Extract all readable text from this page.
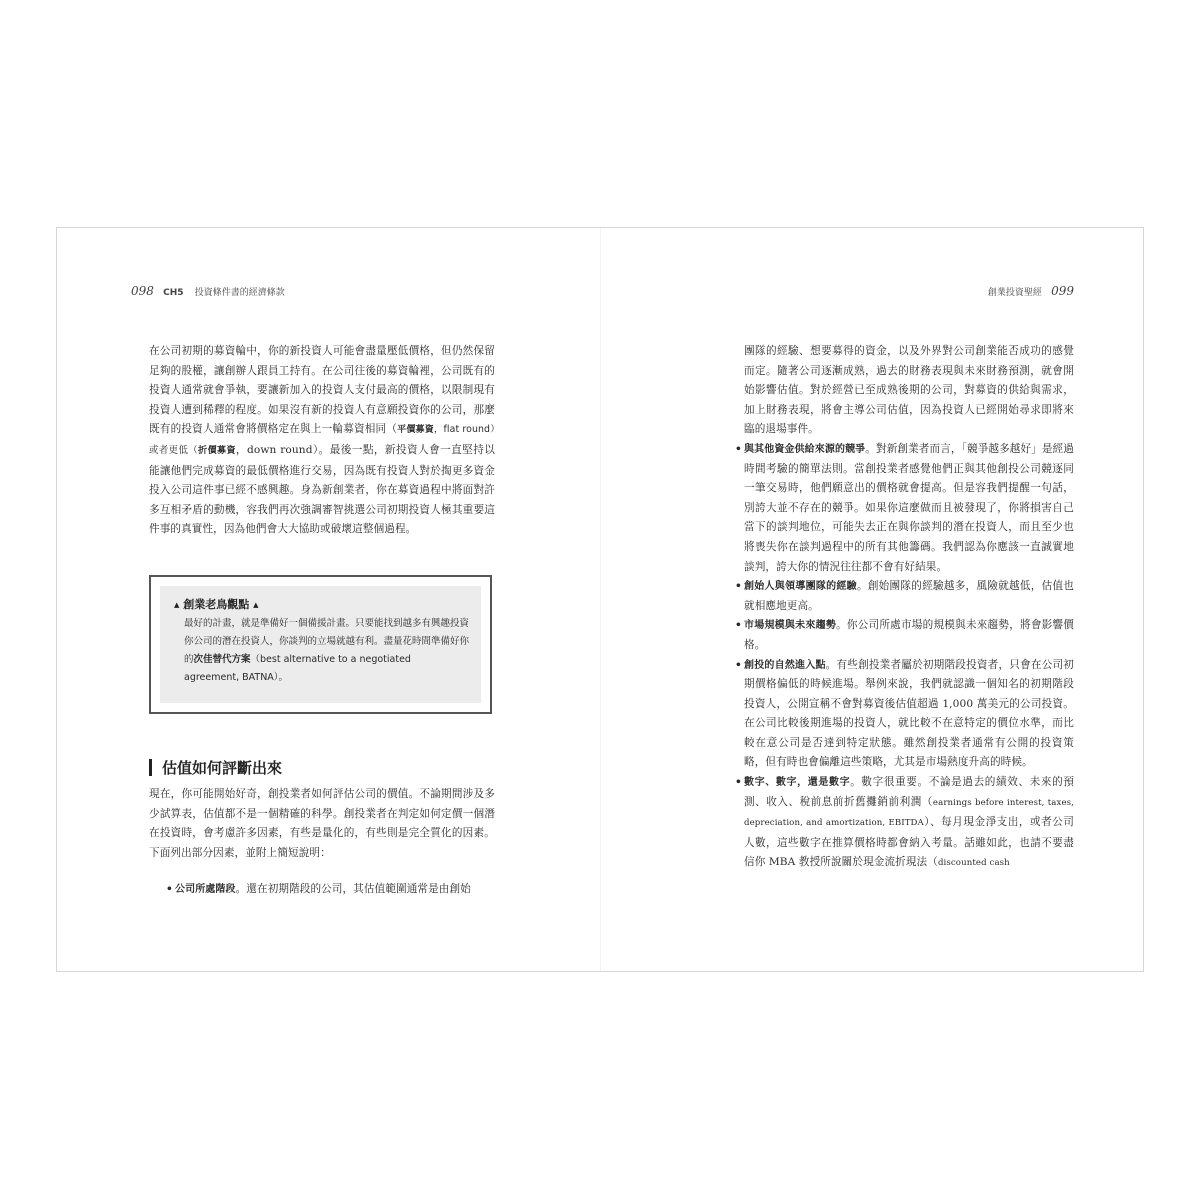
098 CH5 投資條件書的經濟條款
在公司初期的募資輪中，你的新投資人可能會盡量壓低價格，但仍然保留足夠的股權，讓創辦人跟員工持有。在公司往後的募資輪裡，公司既有的投資人通常就會爭執，要讓新加入的投資人支付最高的價格，以限制現有投資人遭到稀釋的程度。如果沒有新的投資人有意願投資你的公司，那麼既有的投資人通常會將價格定在與上一輪募資相同（平價募資，flat round）或者更低（折價募資，down round）。最後一點，新投資人會一直堅持以能讓他們完成募資的最低價格進行交易，因為既有投資人對於掏更多資金投入公司這件事已經不感興趣。身為新創業者，你在募資過程中將面對許多互相矛盾的動機，容我們再次強調審智挑選公司初期投資人極其重要這件事的真實性，因為他們會大大協助或破壞這整個過程。
▲ 創業老鳥觀點 ▲
最好的計畫，就是準備好一個備援計畫。只要能找到越多有興趣投資你公司的潛在投資人，你談判的立場就越有利。盡量花時間準備好你的次佳替代方案（best alternative to a negotiated agreement, BATNA）。
估值如何評斷出來
現在，你可能開始好奇，創投業者如何評估公司的價值。不論期間涉及多少試算表，估值都不是一個精確的科學。創投業者在判定如何定價一個潛在投資時，會考慮許多因素，有些是量化的，有些則是完全質化的因素。下面列出部分因素，並附上簡短說明：
• 公司所處階段。還在初期階段的公司，其估值範圍通常是由創始
創業投資聖經 099
團隊的經驗、想要募得的資金，以及外界對公司創業能否成功的感覺而定。隨著公司逐漸成熟，過去的財務表現與未來財務預測，就會開始影響估值。對於經營已至成熟後期的公司，對募資的供給與需求，加上財務表現，將會主導公司估值，因為投資人已經開始尋求即將來臨的退場事件。
• 與其他資金供給來源的競爭。對新創業者而言，「競爭越多越好」是經過時間考驗的簡單法則。當創投業者感覺他們正與其他創投公司競逐同一筆交易時，他們願意出的價格就會提高。但是容我們提醒一句話，別誇大並不存在的競爭。如果你這麼做而且被發現了，你將損害自己當下的談判地位，可能失去正在與你談判的潛在投資人，而且至少也將喪失你在談判過程中的所有其他籌碼。我們認為你應該一直誠實地談判，誇大你的情況往往都不會有好結果。
• 創始人與領導團隊的經驗。創始團隊的經驗越多，風險就越低，估值也就相應地更高。
• 市場規模與未來趨勢。你公司所處市場的規模與未來趨勢，將會影響價格。
• 創投的自然進入點。有些創投業者屬於初期階段投資者，只會在公司初期價格偏低的時候進場。舉例來說，我們就認識一個知名的初期階段投資人，公開宣稱不會對募資後估值超過 1,000 萬美元的公司投資。在公司比較後期進場的投資人，就比較不在意特定的價位水準，而比較在意公司是否達到特定狀態。雖然創投業者通常有公開的投資策略，但有時也會偏離這些策略，尤其是市場熱度升高的時候。
• 數字、數字，還是數字。數字很重要。不論是過去的績效、未來的預測、收入、稅前息前折舊攤銷前利潤（earnings before interest, taxes, depreciation, and amortization, EBITDA）、每月現金淨支出，或者公司人數，這些數字在推算價格時都會納入考量。話雖如此，也請不要盡信你 MBA 教授所說關於現金流折現法（discounted cash
